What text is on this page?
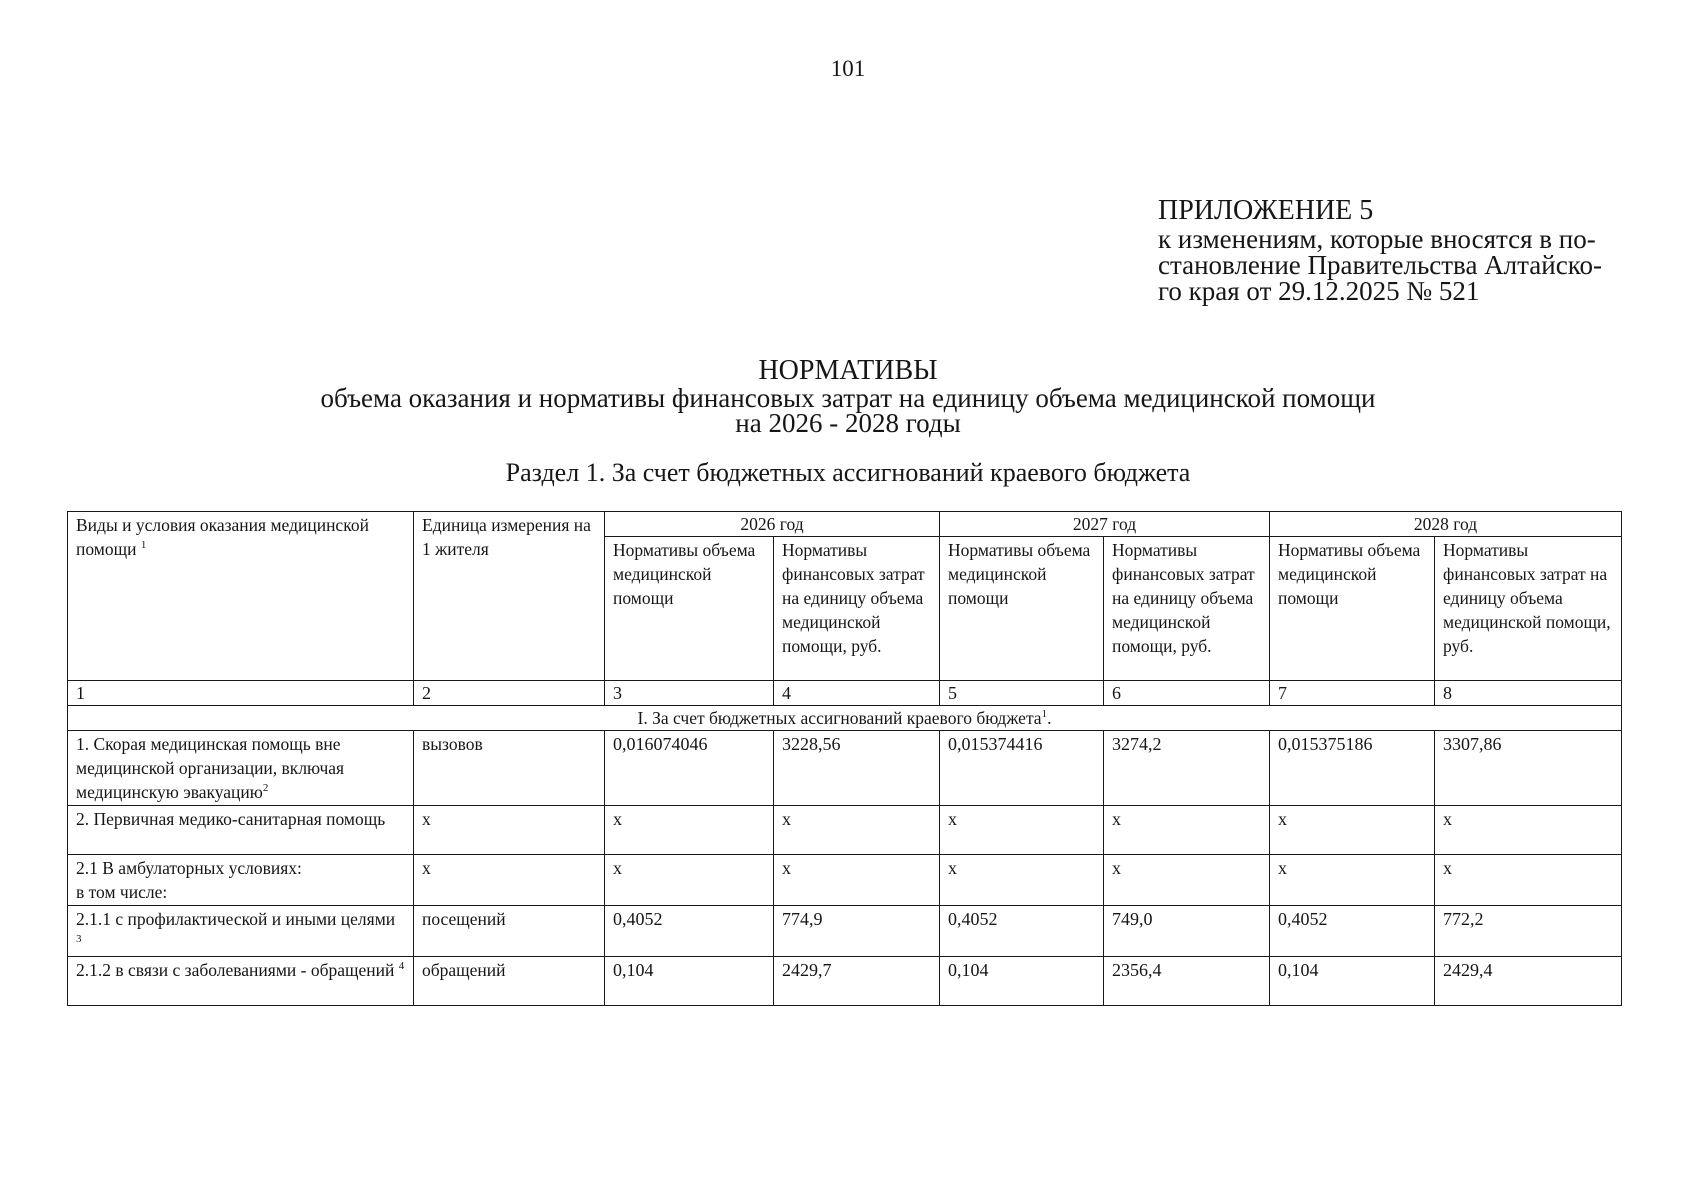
101
ПРИЛОЖЕНИЕ 5
к изменениям, которые вносятся в по-
становление Правительства Алтайско-
го края от 29.12.2025 № 521
НОРМАТИВЫ
объема оказания и нормативы финансовых затрат на единицу объема медицинской помощи
на 2026 - 2028 годы
Раздел 1. За счет бюджетных ассигнований краевого бюджета
Виды и условия оказания медицинской помощи $^1$	Единица измерения на 1 жителя	2026 год		2027 год		2028 год	
		Нормативы объема медицинской помощи	Нормативы финансовых затрат на единицу объема медицинской помощи, руб.	Нормативы объема медицинской помощи	Нормативы финансовых затрат на единицу объема медицинской помощи, руб.	Нормативы объема медицинской помощи	Нормативы финансовых затрат на единицу объема медицинской помощи, руб.
1	2	3	4	5	6	7	8
I. За счет бюджетных ассигнований краевого бюджета$^1$.							
1. Скорая медицинская помощь вне медицинской организации, включая медицинскую эвакуацию$^2$	вызовов	0,016074046	3228,56	0,015374416	3274,2	0,015375186	3307,86
2. Первичная медико-санитарная помощь	х	х	х	х	х	х	х

2.1 В амбулаторных условиях:
в том числе:	х	х	х	х	х	х	х
2.1.1 с профилактической и иными целями $^3$	посещений	0,4052	774,9	0,4052	749,0	0,4052	772,2
2.1.2 в связи с заболеваниями - обращений $^4$	обращений	0,104	2429,7	0,104	2356,4	0,104	2429,4
